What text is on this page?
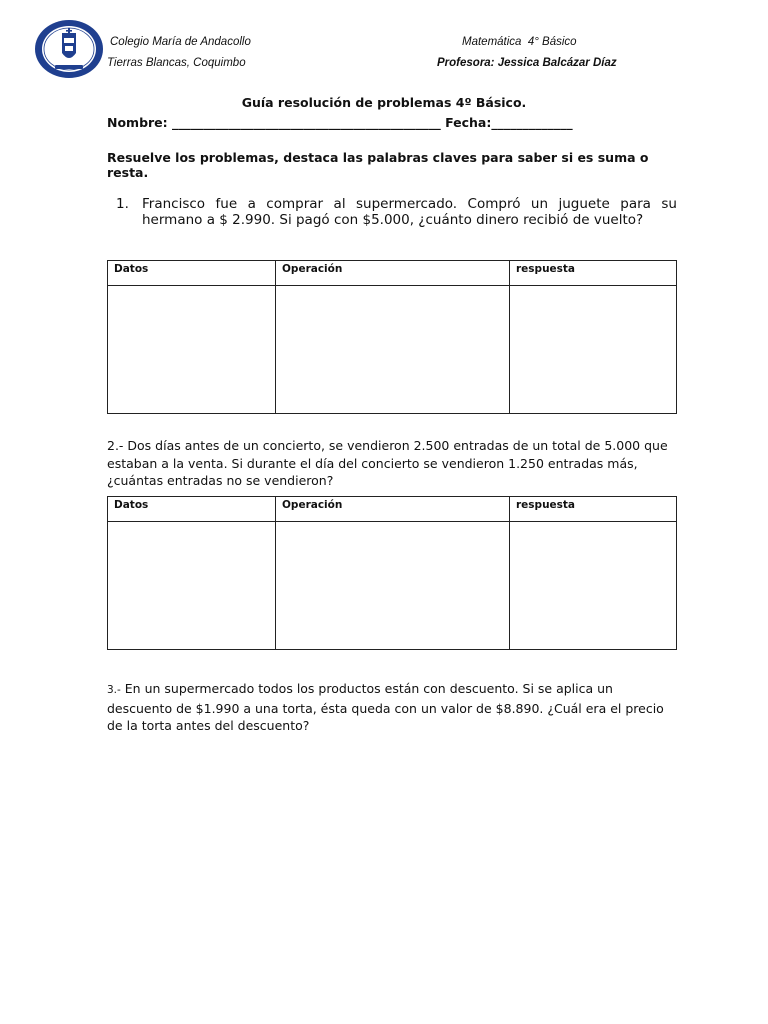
Colegio María de Andacollo
Tierras Blancas, Coquimbo
Matemática  4° Básico
Profesora: Jessica Balcázar Díaz
Guía resolución de problemas 4º Básico.
Nombre: ___________________________________________ Fecha:_____________
Resuelve los problemas, destaca las palabras claves para saber si es suma o resta.
1. Francisco fue a comprar al supermercado. Compró un juguete para su hermano a $ 2.990. Si pagó con $5.000, ¿cuánto dinero recibió de vuelto?
Datos	Operación	respuesta

2.- Dos días antes de un concierto, se vendieron 2.500 entradas de un total de 5.000 que estaban a la venta. Si durante el día del concierto se vendieron 1.250 entradas más, ¿cuántas entradas no se vendieron?
Datos	Operación	respuesta

3.- En un supermercado todos los productos están con descuento. Si se aplica un descuento de $1.990 a una torta, ésta queda con un valor de $8.890. ¿Cuál era el precio de la torta antes del descuento?
